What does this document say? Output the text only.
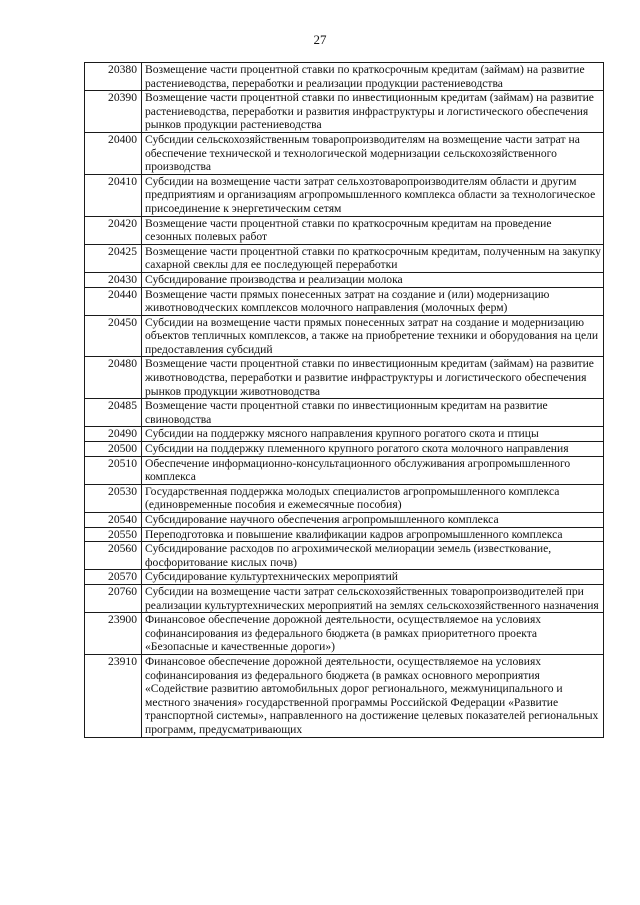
27
20380	Возмещение части процентной ставки по краткосрочным кредитам (займам) на развитие растениеводства, переработки и реализации продукции растениеводства
20390	Возмещение части процентной ставки по инвестиционным кредитам (займам) на развитие растениеводства, переработки и развития инфраструктуры и логистического обеспечения рынков продукции растениеводства
20400	Субсидии сельскохозяйственным товаропроизводителям на возмещение части затрат на обеспечение технической и технологической модернизации сельскохозяйственного производства
20410	Субсидии на возмещение части затрат сельхозтоваропроизводителям области и другим предприятиям и организациям агропромышленного комплекса области за технологическое присоединение к энергетическим сетям
20420	Возмещение части процентной ставки по краткосрочным кредитам на проведение сезонных полевых работ
20425	Возмещение части процентной ставки по краткосрочным кредитам, полученным на закупку сахарной свеклы для ее последующей переработки
20430	Субсидирование производства и реализации молока
20440	Возмещение части прямых понесенных затрат на создание и (или) модернизацию животноводческих комплексов молочного направления (молочных ферм)
20450	Субсидии на возмещение части прямых понесенных затрат на создание и модернизацию объектов тепличных комплексов, а также на приобретение техники и оборудования на цели предоставления субсидий
20480	Возмещение части процентной ставки по инвестиционным кредитам (займам) на развитие животноводства, переработки и развитие инфраструктуры и логистического обеспечения рынков продукции животноводства
20485	Возмещение части процентной ставки по инвестиционным кредитам на развитие свиноводства
20490	Субсидии на поддержку мясного направления крупного рогатого скота и птицы
20500	Субсидии на поддержку племенного крупного рогатого скота молочного направления
20510	Обеспечение информационно-консультационного обслуживания агропромышленного комплекса
20530	Государственная поддержка молодых специалистов агропромышленного комплекса (единовременные пособия и ежемесячные пособия)
20540	Субсидирование научного обеспечения агропромышленного комплекса
20550	Переподготовка и повышение квалификации кадров агропромышленного комплекса
20560	Субсидирование расходов по агрохимической мелиорации земель (известкование, фосфоритование кислых почв)
20570	Субсидирование культуртехнических мероприятий
20760	Субсидии на возмещение части затрат сельскохозяйственных товаропроизводителей при реализации культуртехнических мероприятий на землях сельскохозяйственного назначения
23900	Финансовое обеспечение дорожной деятельности, осуществляемое на условиях софинансирования из федерального бюджета (в рамках приоритетного проекта «Безопасные и качественные дороги»)
23910	Финансовое обеспечение дорожной деятельности, осуществляемое на условиях софинансирования из федерального бюджета (в рамках основного мероприятия «Содействие развитию автомобильных дорог регионального, межмуниципального и местного значения» государственной программы Российской Федерации «Развитие транспортной системы», направленного на достижение целевых показателей региональных программ, предусматривающих
